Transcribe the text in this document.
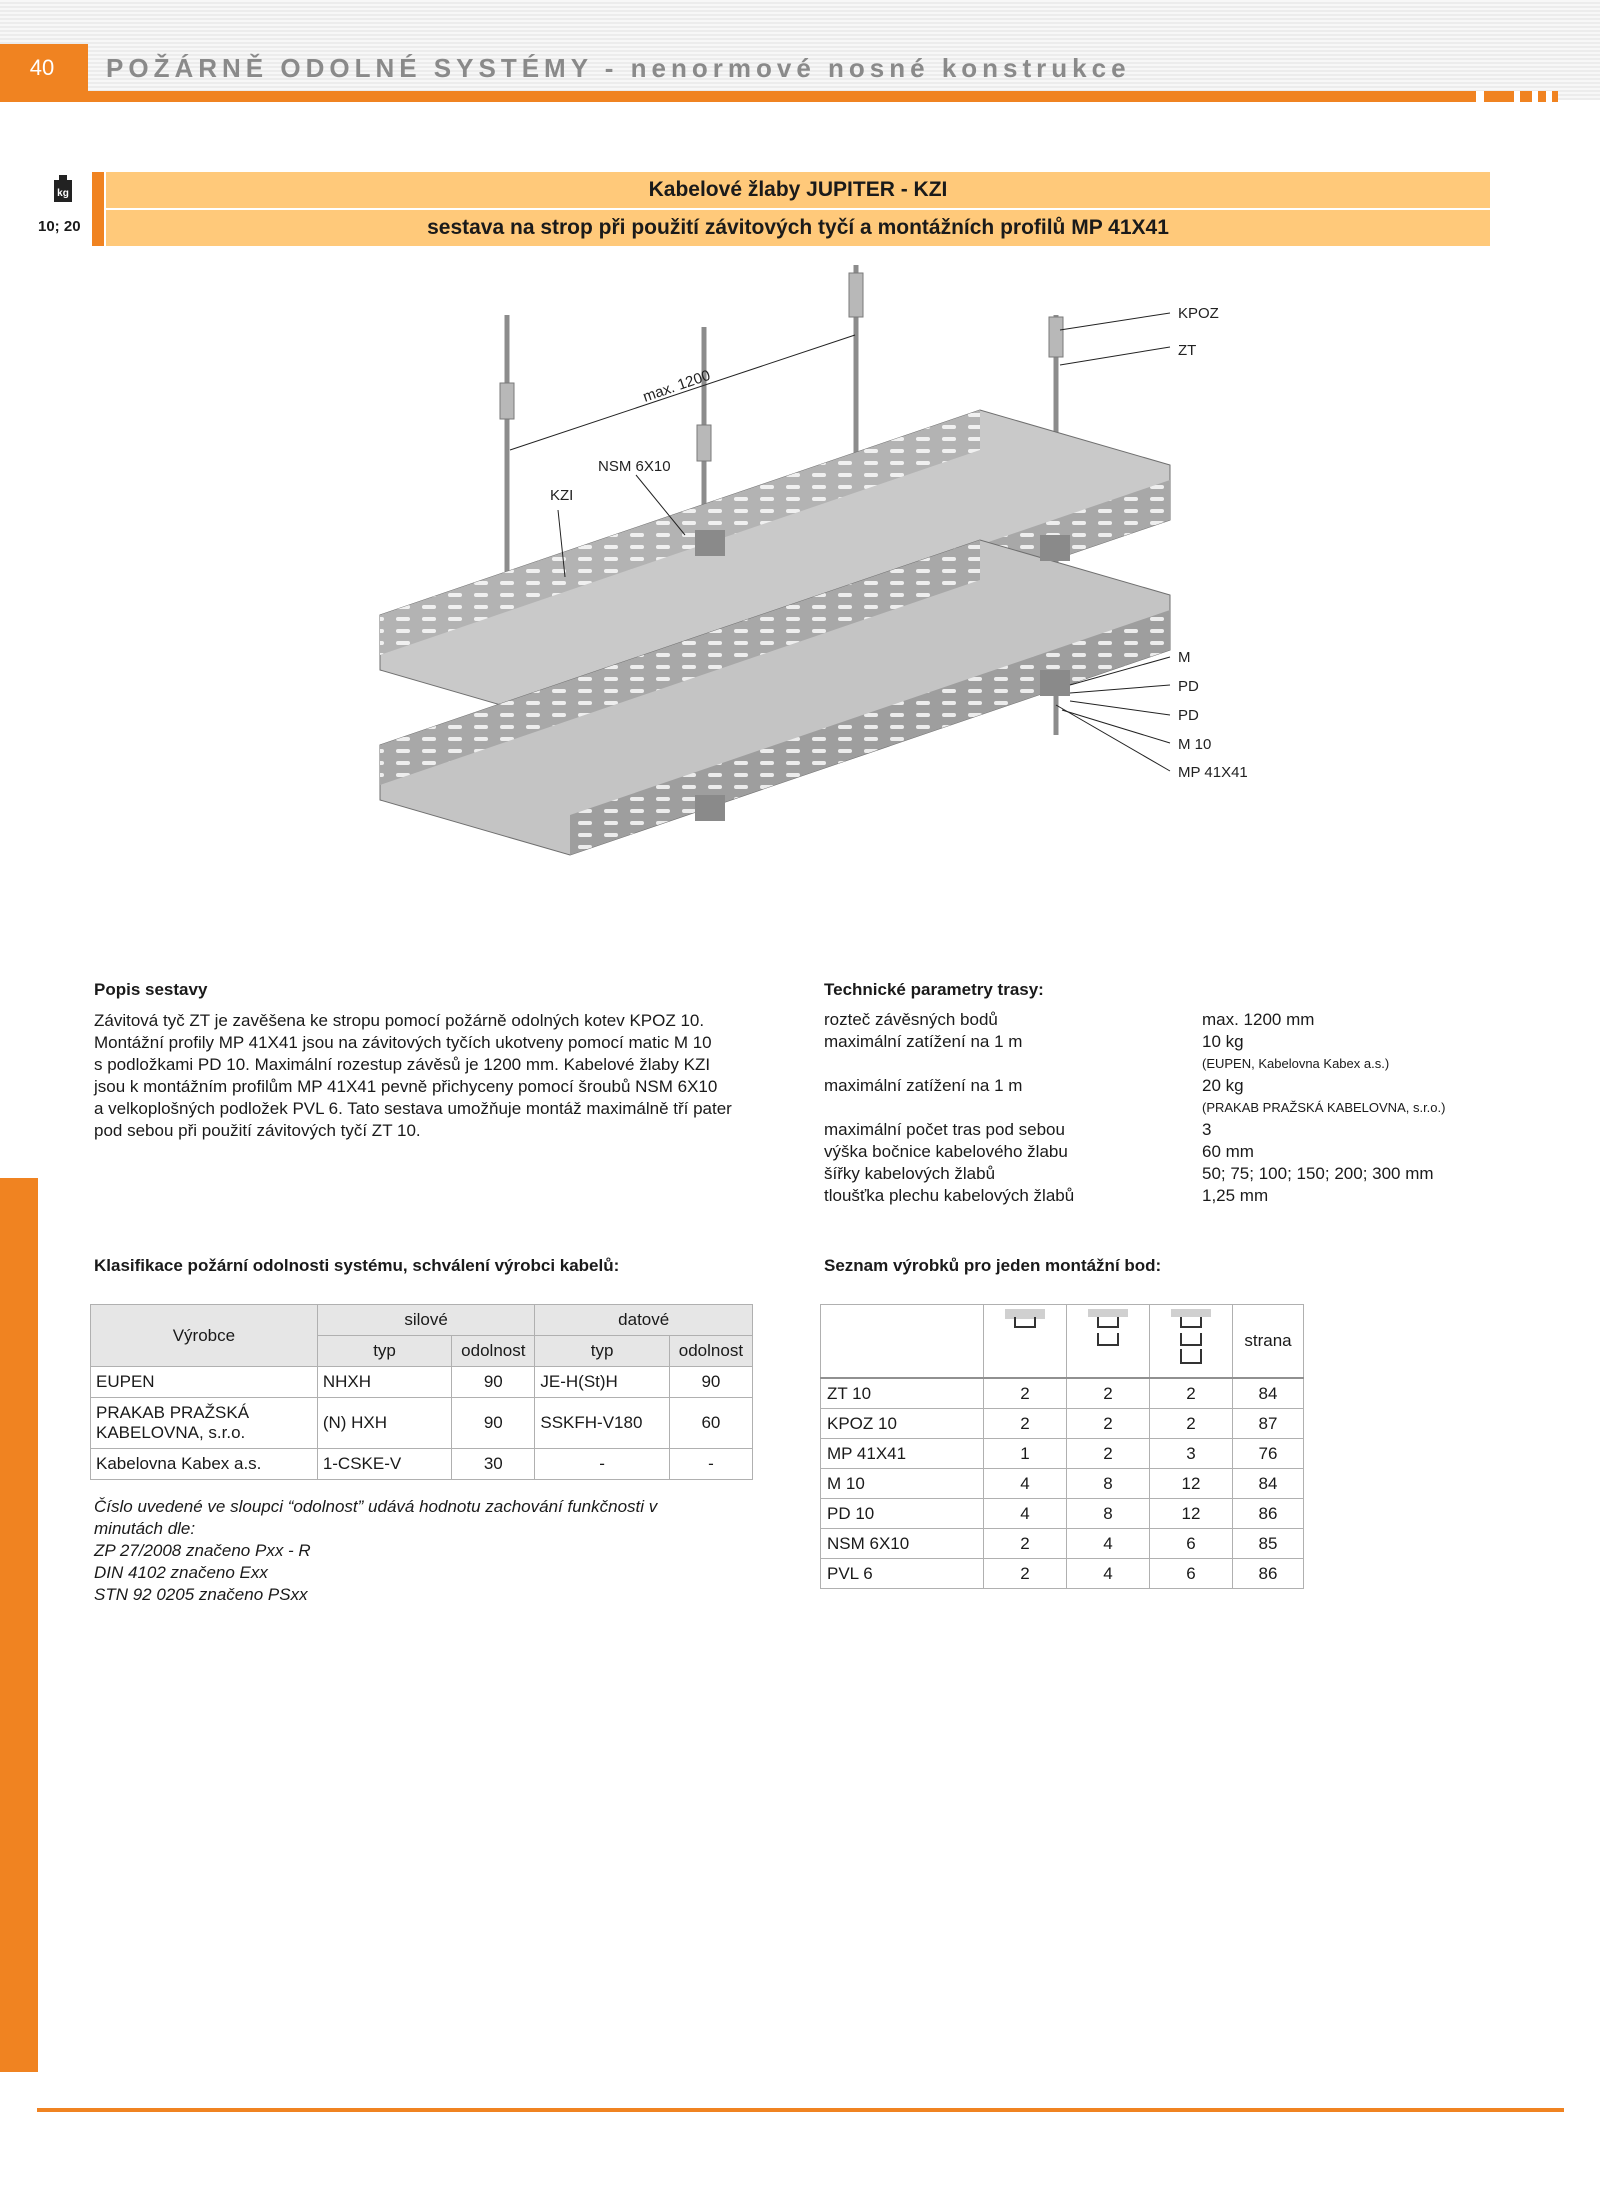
40	POŽÁRNĚ ODOLNÉ SYSTÉMY - nenormové nosné konstrukce
kg
10; 20
Kabelové žlaby JUPITER - KZI
sestava na strop při použití závitových tyčí a montážních profilů MP 41X41
KPOZ
ZT
max. 1200
NSM 6X10
KZI
M
PD
PD
M 10
MP 41X41
Popis sestavy
Závitová tyč ZT je zavěšena ke stropu pomocí požárně odolných kotev KPOZ 10.
Montážní profily MP 41X41 jsou na závitových tyčích ukotveny pomocí matic M 10
s podložkami PD 10. Maximální rozestup závěsů je 1200 mm. Kabelové žlaby KZI
jsou k montážním profilům MP 41X41 pevně přichyceny pomocí šroubů NSM 6X10
a velkoplošných podložek PVL 6. Tato sestava umožňuje montáž maximálně tří pater
pod sebou při použití závitových tyčí ZT 10.
Technické parametry trasy:
rozteč závěsných bodů	max. 1200 mm
maximální zatížení na 1 m	10 kg
(EUPEN, Kabelovna Kabex a.s.)
maximální zatížení na 1 m	20 kg
(PRAKAB PRAŽSKÁ KABELOVNA, s.r.o.)
maximální počet tras pod sebou	3
výška bočnice kabelového žlabu	60 mm
šířky kabelových žlabů	50; 75; 100; 150; 200; 300 mm
tloušťka plechu kabelových žlabů	1,25 mm
Klasifikace požární odolnosti systému, schválení výrobci kabelů:
Výrobce	silové		datové	
	typ	odolnost	typ	odolnost
EUPEN	NHXH	90	JE-H(St)H	90
PRAKAB PRAŽSKÁ KABELOVNA, s.r.o.	(N) HXH	90	SSKFH-V180	60
Kabelovna Kabex a.s.	1-CSKE-V	30	-	-
Číslo uvedené ve sloupci “odolnost” udává hodnotu zachování funkčnosti v
minutách dle:
ZP 27/2008 značeno Pxx - R
DIN 4102 značeno Exx
STN 92 0205 značeno PSxx
Seznam výrobků pro jeden montážní bod:
				strana
ZT 10	2	2	2	84
KPOZ 10	2	2	2	87
MP 41X41	1	2	3	76
M 10	4	8	12	84
PD 10	4	8	12	86
NSM 6X10	2	4	6	85
PVL 6	2	4	6	86
